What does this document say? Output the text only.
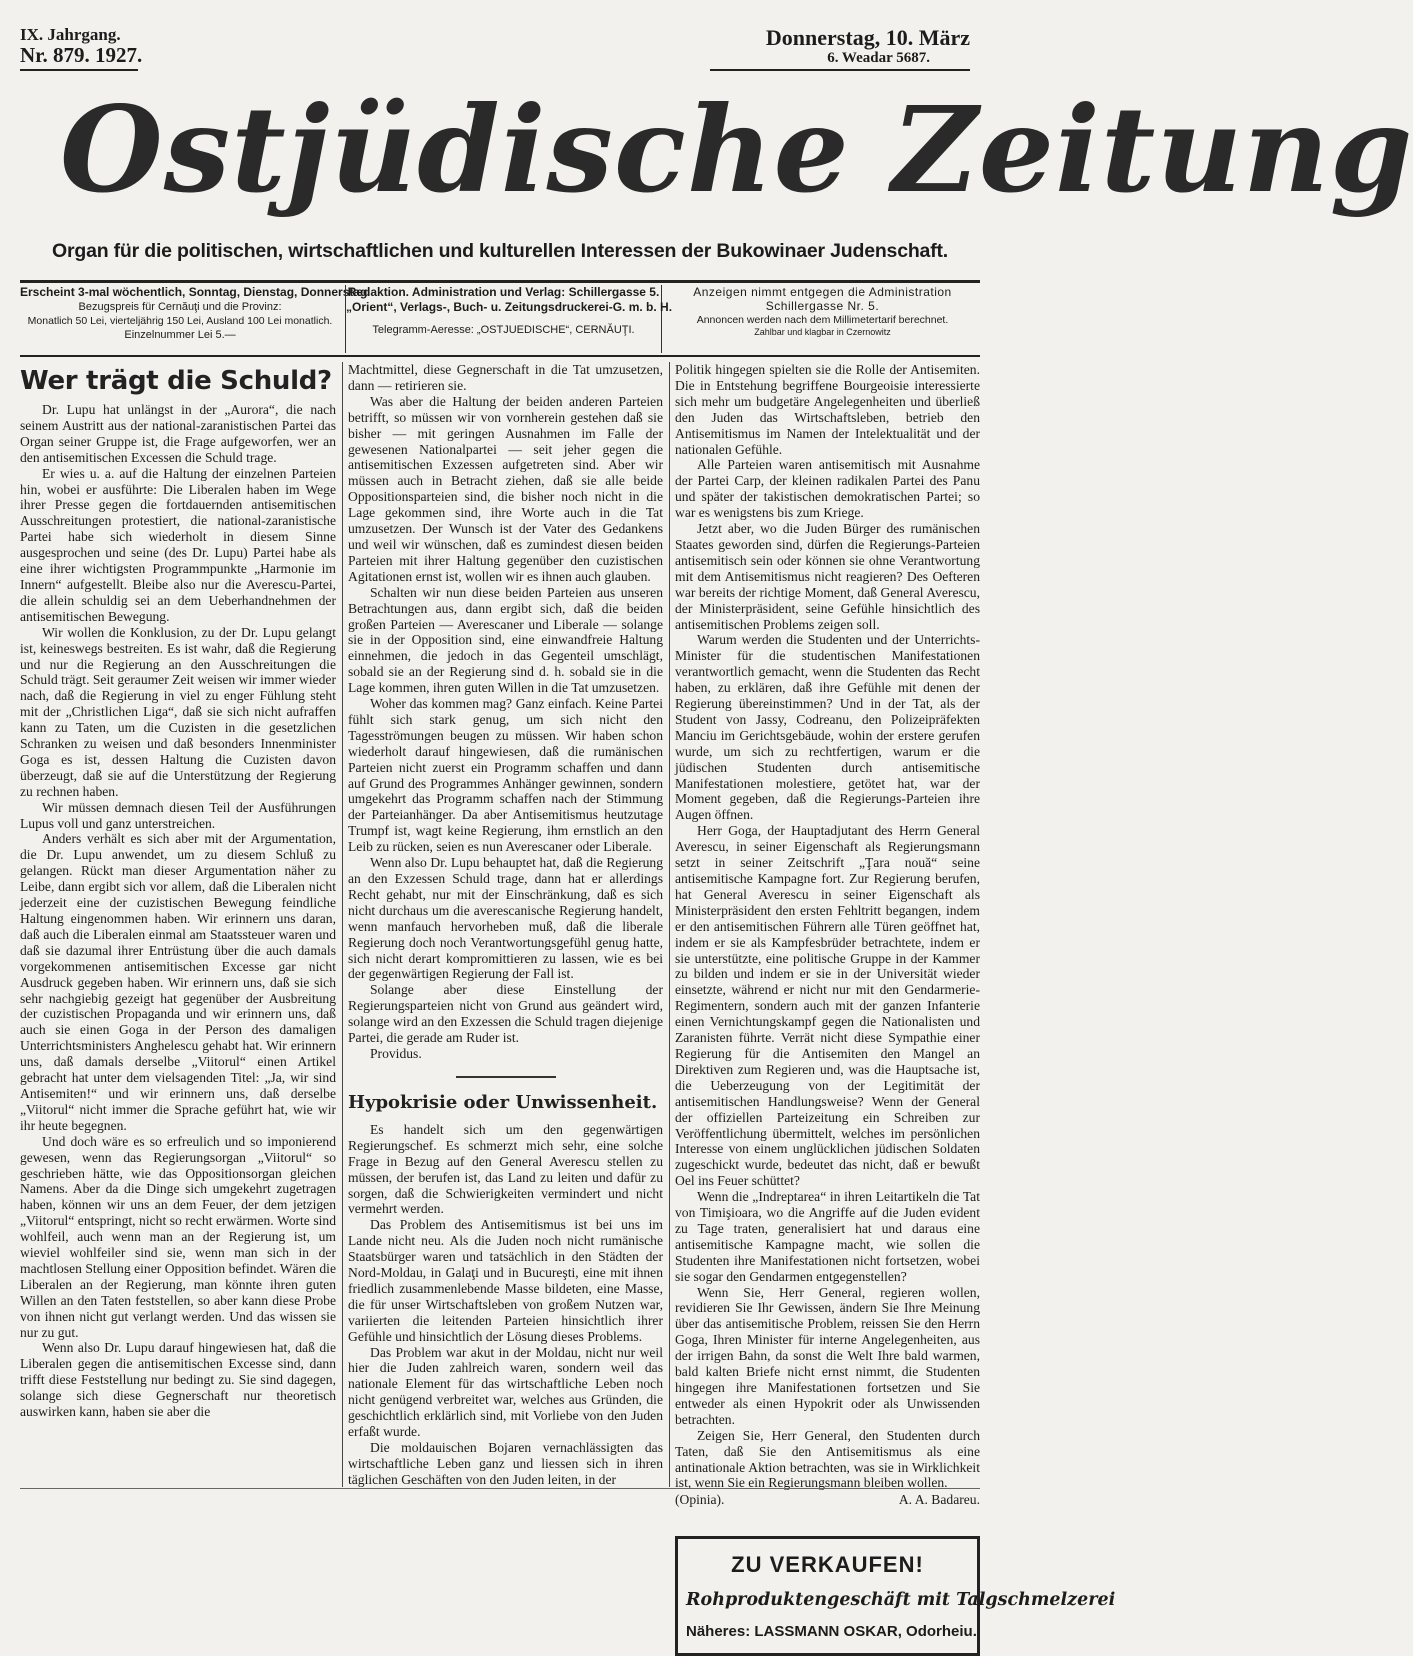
IX. Jahrgang.
Nr. 879. 1927.
Donnerstag, 10. März
6. Weadar 5687.
Ostjüdische Zeitung
Organ für die politischen, wirtschaftlichen und kulturellen Interessen der Bukowinaer Judenschaft.
Erscheint 3-mal wöchentlich, Sonntag, Dienstag, Donnerstag
Bezugspreis für Cernăuţi und die Provinz:
Monatlich 50 Lei, vierteljährig 150 Lei, Ausland 100 Lei monatlich.
Einzelnummer Lei 5.—
Redaktion. Administration und Verlag: Schillergasse 5.
„Orient“, Verlags-, Buch- u. Zeitungsdruckerei-G. m. b. H.
Telegramm-Aeresse: „OSTJUEDISCHE“, CERNĂUŢI.
Anzeigen nimmt entgegen die Administration
Schillergasse Nr. 5.
Annoncen werden nach dem Millimetertarif berechnet.
Zahlbar und klagbar in Czernowitz
Wer trägt die Schuld?

Dr. Lupu hat unlängst in der „Aurora“, die nach seinem Austritt aus der national-zaranistischen Partei das Organ seiner Gruppe ist, die Frage aufgeworfen, wer an den antisemitischen Excessen die Schuld trage.

Er wies u. a. auf die Haltung der einzelnen Parteien hin, wobei er ausführte: Die Liberalen haben im Wege ihrer Presse gegen die fortdauernden antisemitischen Ausschreitungen protestiert, die national-zaranistische Partei habe sich wiederholt in diesem Sinne ausgesprochen und seine (des Dr. Lupu) Partei habe als eine ihrer wichtigsten Programmpunkte „Harmonie im Innern“ aufgestellt. Bleibe also nur die Averescu-Partei, die allein schuldig sei an dem Ueberhandnehmen der antisemitischen Bewegung.

Wir wollen die Konklusion, zu der Dr. Lupu gelangt ist, keineswegs bestreiten. Es ist wahr, daß die Regierung und nur die Regierung an den Ausschreitungen die Schuld trägt. Seit geraumer Zeit weisen wir immer wieder nach, daß die Regierung in viel zu enger Fühlung steht mit der „Christlichen Liga“, daß sie sich nicht aufraffen kann zu Taten, um die Cuzisten in die gesetzlichen Schranken zu weisen und daß besonders Innenminister Goga es ist, dessen Haltung die Cuzisten davon überzeugt, daß sie auf die Unterstützung der Regierung zu rechnen haben.

Wir müssen demnach diesen Teil der Ausführungen Lupus voll und ganz unterstreichen.

Anders verhält es sich aber mit der Argumentation, die Dr. Lupu anwendet, um zu diesem Schluß zu gelangen. Rückt man dieser Argumentation näher zu Leibe, dann ergibt sich vor allem, daß die Liberalen nicht jederzeit eine der cuzistischen Bewegung feindliche Haltung eingenommen haben. Wir erinnern uns daran, daß auch die Liberalen einmal am Staatssteuer waren und daß sie dazumal ihrer Entrüstung über die auch damals vorgekommenen antisemitischen Excesse gar nicht Ausdruck gegeben haben. Wir erinnern uns, daß sie sich sehr nachgiebig gezeigt hat gegenüber der Ausbreitung der cuzistischen Propaganda und wir erinnern uns, daß auch sie einen Goga in der Person des damaligen Unterrichtsministers Anghelescu gehabt hat. Wir erinnern uns, daß damals derselbe „Viitorul“ einen Artikel gebracht hat unter dem vielsagenden Titel: „Ja, wir sind Antisemiten!“ und wir erinnern uns, daß derselbe „Viitorul“ nicht immer die Sprache geführt hat, wie wir ihr heute begegnen.

Und doch wäre es so erfreulich und so imponierend gewesen, wenn das Regierungsorgan „Viitorul“ so geschrieben hätte, wie das Oppositionsorgan gleichen Namens. Aber da die Dinge sich umgekehrt zugetragen haben, können wir uns an dem Feuer, der dem jetzigen „Viitorul“ entspringt, nicht so recht erwärmen. Worte sind wohlfeil, auch wenn man an der Regierung ist, um wieviel wohlfeiler sind sie, wenn man sich in der machtlosen Stellung einer Opposition befindet. Wären die Liberalen an der Regierung, man könnte ihren guten Willen an den Taten feststellen, so aber kann diese Probe von ihnen nicht gut verlangt werden. Und das wissen sie nur zu gut.

Wenn also Dr. Lupu darauf hingewiesen hat, daß die Liberalen gegen die antisemitischen Excesse sind, dann trifft diese Feststellung nur bedingt zu. Sie sind dagegen, solange sich diese Gegnerschaft nur theoretisch auswirken kann, haben sie aber die

Machtmittel, diese Gegnerschaft in die Tat umzusetzen, dann — retirieren sie.

Was aber die Haltung der beiden anderen Parteien betrifft, so müssen wir von vornherein gestehen daß sie bisher — mit geringen Ausnahmen im Falle der gewesenen Nationalpartei — seit jeher gegen die antisemitischen Exzessen aufgetreten sind. Aber wir müssen auch in Betracht ziehen, daß sie alle beide Oppositionsparteien sind, die bisher noch nicht in die Lage gekommen sind, ihre Worte auch in die Tat umzusetzen. Der Wunsch ist der Vater des Gedankens und weil wir wünschen, daß es zumindest diesen beiden Parteien mit ihrer Haltung gegenüber den cuzistischen Agitationen ernst ist, wollen wir es ihnen auch glauben.

Schalten wir nun diese beiden Parteien aus unseren Betrachtungen aus, dann ergibt sich, daß die beiden großen Parteien — Averescaner und Liberale — solange sie in der Opposition sind, eine einwandfreie Haltung einnehmen, die jedoch in das Gegenteil umschlägt, sobald sie an der Regierung sind d. h. sobald sie in die Lage kommen, ihren guten Willen in die Tat umzusetzen.

Woher das kommen mag? Ganz einfach. Keine Partei fühlt sich stark genug, um sich nicht den Tagesströmungen beugen zu müssen. Wir haben schon wiederholt darauf hingewiesen, daß die rumänischen Parteien nicht zuerst ein Programm schaffen und dann auf Grund des Programmes Anhänger gewinnen, sondern umgekehrt das Programm schaffen nach der Stimmung der Parteianhänger. Da aber Antisemitismus heutzutage Trumpf ist, wagt keine Regierung, ihm ernstlich an den Leib zu rücken, seien es nun Averescaner oder Liberale.

Wenn also Dr. Lupu behauptet hat, daß die Regierung an den Exzessen Schuld trage, dann hat er allerdings Recht gehabt, nur mit der Einschränkung, daß es sich nicht durchaus um die averescanische Regierung handelt, wenn manfauch hervorheben muß, daß die liberale Regierung doch noch Verantwortungsgefühl genug hatte, sich nicht derart kompromittieren zu lassen, wie es bei der gegenwärtigen Regierung der Fall ist.

Solange aber diese Einstellung der Regierungsparteien nicht von Grund aus geändert wird, solange wird an den Exzessen die Schuld tragen diejenige Partei, die gerade am Ruder ist.

Providus.

Hypokrisie oder Unwissenheit.

Es handelt sich um den gegenwärtigen Regierungschef. Es schmerzt mich sehr, eine solche Frage in Bezug auf den General Averescu stellen zu müssen, der berufen ist, das Land zu leiten und dafür zu sorgen, daß die Schwierigkeiten vermindert und nicht vermehrt werden.

Das Problem des Antisemitismus ist bei uns im Lande nicht neu. Als die Juden noch nicht rumänische Staatsbürger waren und tatsächlich in den Städten der Nord-Moldau, in Galaţi und in Bucureşti, eine mit ihnen friedlich zusammenlebende Masse bildeten, eine Masse, die für unser Wirtschaftsleben von großem Nutzen war, variierten die leitenden Parteien hinsichtlich ihrer Gefühle und hinsichtlich der Lösung dieses Problems.

Das Problem war akut in der Moldau, nicht nur weil hier die Juden zahlreich waren, sondern weil das nationale Element für das wirtschaftliche Leben noch nicht genügend verbreitet war, welches aus Gründen, die geschichtlich erklärlich sind, mit Vorliebe von den Juden erfaßt wurde.

Die moldauischen Bojaren vernachlässigten das wirtschaftliche Leben ganz und liessen sich in ihren täglichen Geschäften von den Juden leiten, in der

Politik hingegen spielten sie die Rolle der Antisemiten. Die in Entstehung begriffene Bourgeoisie interessierte sich mehr um budgetäre Angelegenheiten und überließ den Juden das Wirtschaftsleben, betrieb den Antisemitismus im Namen der Intelektualität und der nationalen Gefühle.

Alle Parteien waren antisemitisch mit Ausnahme der Partei Carp, der kleinen radikalen Partei des Panu und später der takistischen demokratischen Partei; so war es wenigstens bis zum Kriege.

Jetzt aber, wo die Juden Bürger des rumänischen Staates geworden sind, dürfen die Regierungs-Parteien antisemitisch sein oder können sie ohne Verantwortung mit dem Antisemitismus nicht reagieren? Des Oefteren war bereits der richtige Moment, daß General Averescu, der Ministerpräsident, seine Gefühle hinsichtlich des antisemitischen Problems zeigen soll.

Warum werden die Studenten und der Unterrichts-Minister für die studentischen Manifestationen verantwortlich gemacht, wenn die Studenten das Recht haben, zu erklären, daß ihre Gefühle mit denen der Regierung übereinstimmen? Und in der Tat, als der Student von Jassy, Codreanu, den Polizeipräfekten Manciu im Gerichtsgebäude, wohin der erstere gerufen wurde, um sich zu rechtfertigen, warum er die jüdischen Studenten durch antisemitische Manifestationen molestiere, getötet hat, war der Moment gegeben, daß die Regierungs-Parteien ihre Augen öffnen.

Herr Goga, der Hauptadjutant des Herrn General Averescu, in seiner Eigenschaft als Regierungsmann setzt in seiner Zeitschrift „Ţara nouă“ seine antisemitische Kampagne fort. Zur Regierung berufen, hat General Averescu in seiner Eigenschaft als Ministerpräsident den ersten Fehltritt begangen, indem er den antisemitischen Führern alle Türen geöffnet hat, indem er sie als Kampfesbrüder betrachtete, indem er sie unterstützte, eine politische Gruppe in der Kammer zu bilden und indem er sie in der Universität wieder einsetzte, während er nicht nur mit den Gendarmerie-Regimentern, sondern auch mit der ganzen Infanterie einen Vernichtungskampf gegen die Nationalisten und Zaranisten führte. Verrät nicht diese Sympathie einer Regierung für die Antisemiten den Mangel an Direktiven zum Regieren und, was die Hauptsache ist, die Ueberzeugung von der Legitimität der antisemitischen Handlungsweise? Wenn der General der offiziellen Parteizeitung ein Schreiben zur Veröffentlichung übermittelt, welches im persönlichen Interesse von einem unglücklichen jüdischen Soldaten zugeschickt wurde, bedeutet das nicht, daß er bewußt Oel ins Feuer schüttet?

Wenn die „Indreptarea“ in ihren Leitartikeln die Tat von Timişioara, wo die Angriffe auf die Juden evident zu Tage traten, generalisiert hat und daraus eine antisemitische Kampagne macht, wie sollen die Studenten ihre Manifestationen nicht fortsetzen, wobei sie sogar den Gendarmen entgegenstellen?

Wenn Sie, Herr General, regieren wollen, revidieren Sie Ihr Gewissen, ändern Sie Ihre Meinung über das antisemitische Problem, reissen Sie den Herrn Goga, Ihren Minister für interne Angelegenheiten, aus der irrigen Bahn, da sonst die Welt Ihre bald warmen, bald kalten Briefe nicht ernst nimmt, die Studenten hingegen ihre Manifestationen fortsetzen und Sie entweder als einen Hypokrit oder als Unwissenden betrachten.

Zeigen Sie, Herr General, den Studenten durch Taten, daß Sie den Antisemitismus als eine antinationale Aktion betrachten, was sie in Wirklichkeit ist, wenn Sie ein Regierungsmann bleiben wollen.

(Opinia).	A. A. Badareu.
ZU VERKAUFEN!
Rohproduktengeschäft mit Talgschmelzerei
Näheres: LASSMANN OSKAR, Odorheiu.
